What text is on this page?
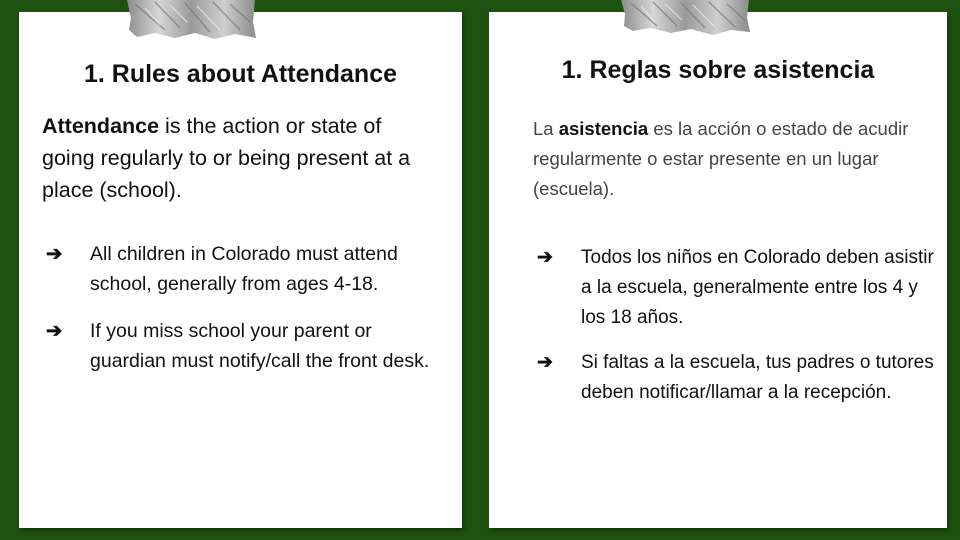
1. Rules about Attendance

Attendance is the action or state of going regularly to or being present at a place (school).

➔ All children in Colorado must attend school, generally from ages 4-18.
➔ If you miss school your parent or guardian must notify/call the front desk.
1. Reglas sobre asistencia

La asistencia es la acción o estado de acudir regularmente o estar presente en un lugar (escuela).

➔ Todos los niños en Colorado deben asistir a la escuela, generalmente entre los 4 y los 18 años.
➔ Si faltas a la escuela, tus padres o tutores deben notificar/llamar a la recepción.
